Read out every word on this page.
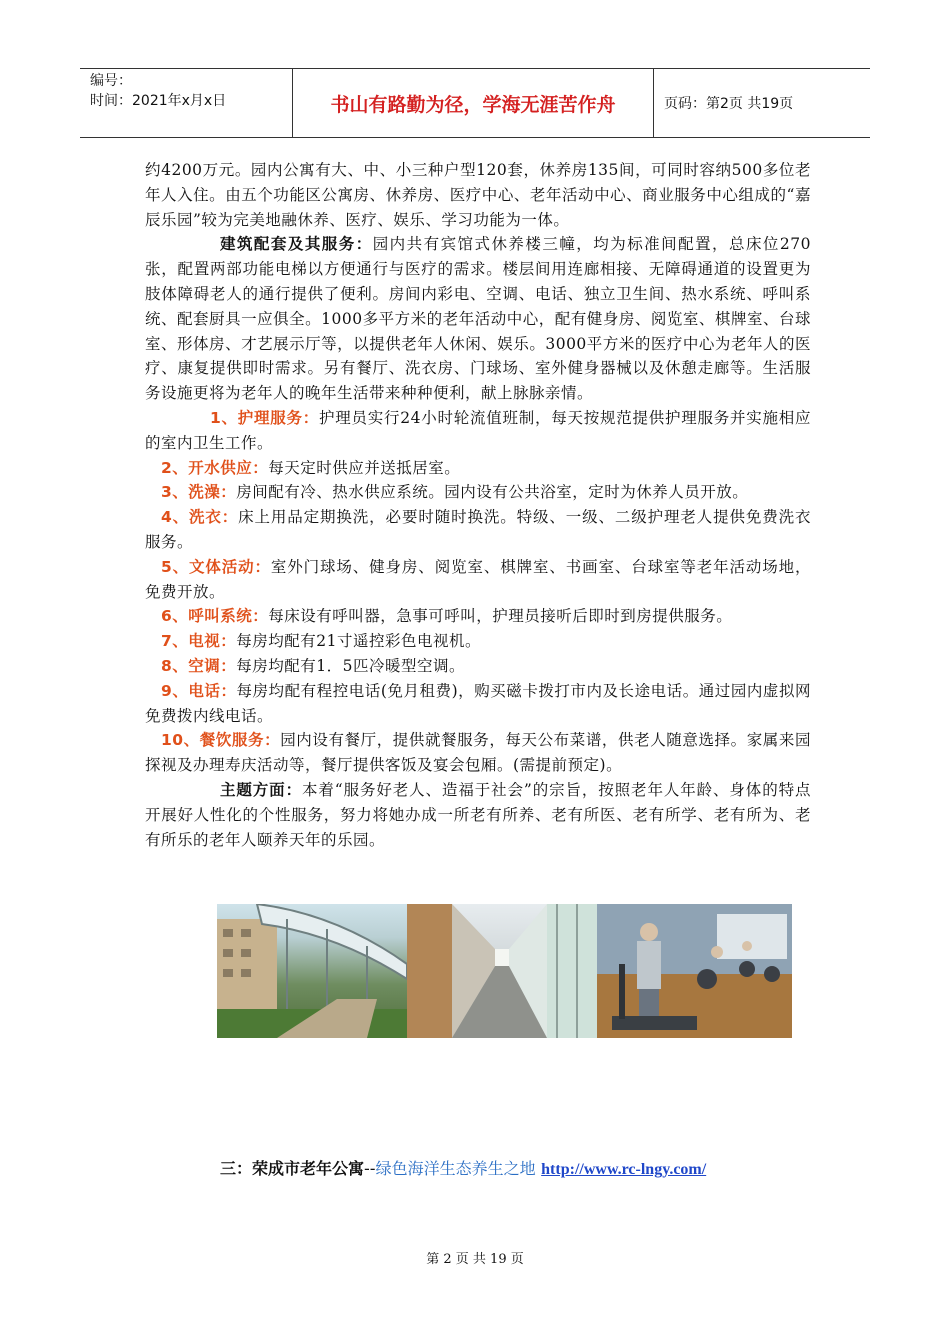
编号：
时间：2021年x月x日	书山有路勤为径，学海无涯苦作舟	页码：第2页 共19页

约4200万元。园内公寓有大、中、小三种户型120套，休养房135间，可同时容纳500多位老年人入住。由五个功能区公寓房、休养房、医疗中心、老年活动中心、商业服务中心组成的“嘉辰乐园”较为完美地融休养、医疗、娱乐、学习功能为一体。

建筑配套及其服务：园内共有宾馆式休养楼三幢，均为标准间配置，总床位270张，配置两部功能电梯以方便通行与医疗的需求。楼层间用连廊相接、无障碍通道的设置更为肢体障碍老人的通行提供了便利。房间内彩电、空调、电话、独立卫生间、热水系统、呼叫系统、配套厨具一应俱全。1000多平方米的老年活动中心，配有健身房、阅览室、棋牌室、台球室、形体房、才艺展示厅等，以提供老年人休闲、娱乐。3000平方米的医疗中心为老年人的医疗、康复提供即时需求。另有餐厅、洗衣房、门球场、室外健身器械以及休憩走廊等。生活服务设施更将为老年人的晚年生活带来种种便利，献上脉脉亲情。

1、护理服务：护理员实行24小时轮流值班制，每天按规范提供护理服务并实施相应的室内卫生工作。

2、开水供应：每天定时供应并送抵居室。

3、洗澡：房间配有冷、热水供应系统。园内设有公共浴室，定时为休养人员开放。

4、洗衣：床上用品定期换洗，必要时随时换洗。特级、一级、二级护理老人提供免费洗衣服务。

5、文体活动：室外门球场、健身房、阅览室、棋牌室、书画室、台球室等老年活动场地，免费开放。

6、呼叫系统：每床设有呼叫器，急事可呼叫，护理员接听后即时到房提供服务。

7、电视：每房均配有21寸遥控彩色电视机。

8、空调：每房均配有1．5匹冷暖型空调。

9、电话：每房均配有程控电话(免月租费)，购买磁卡拨打市内及长途电话。通过园内虚拟网免费拨内线电话。

10、餐饮服务：园内设有餐厅，提供就餐服务，每天公布菜谱，供老人随意选择。家属来园探视及办理寿庆活动等，餐厅提供客饭及宴会包厢。(需提前预定)。

主题方面：本着“服务好老人、造福于社会”的宗旨，按照老年人年龄、身体的特点开展好人性化的个性服务，努力将她办成一所老有所养、老有所医、老有所学、老有所为、老有所乐的老年人颐养天年的乐园。

三：荣成市老年公寓--绿色海洋生态养生之地 http://www.rc-lngy.com/
第 2 页 共 19 页
